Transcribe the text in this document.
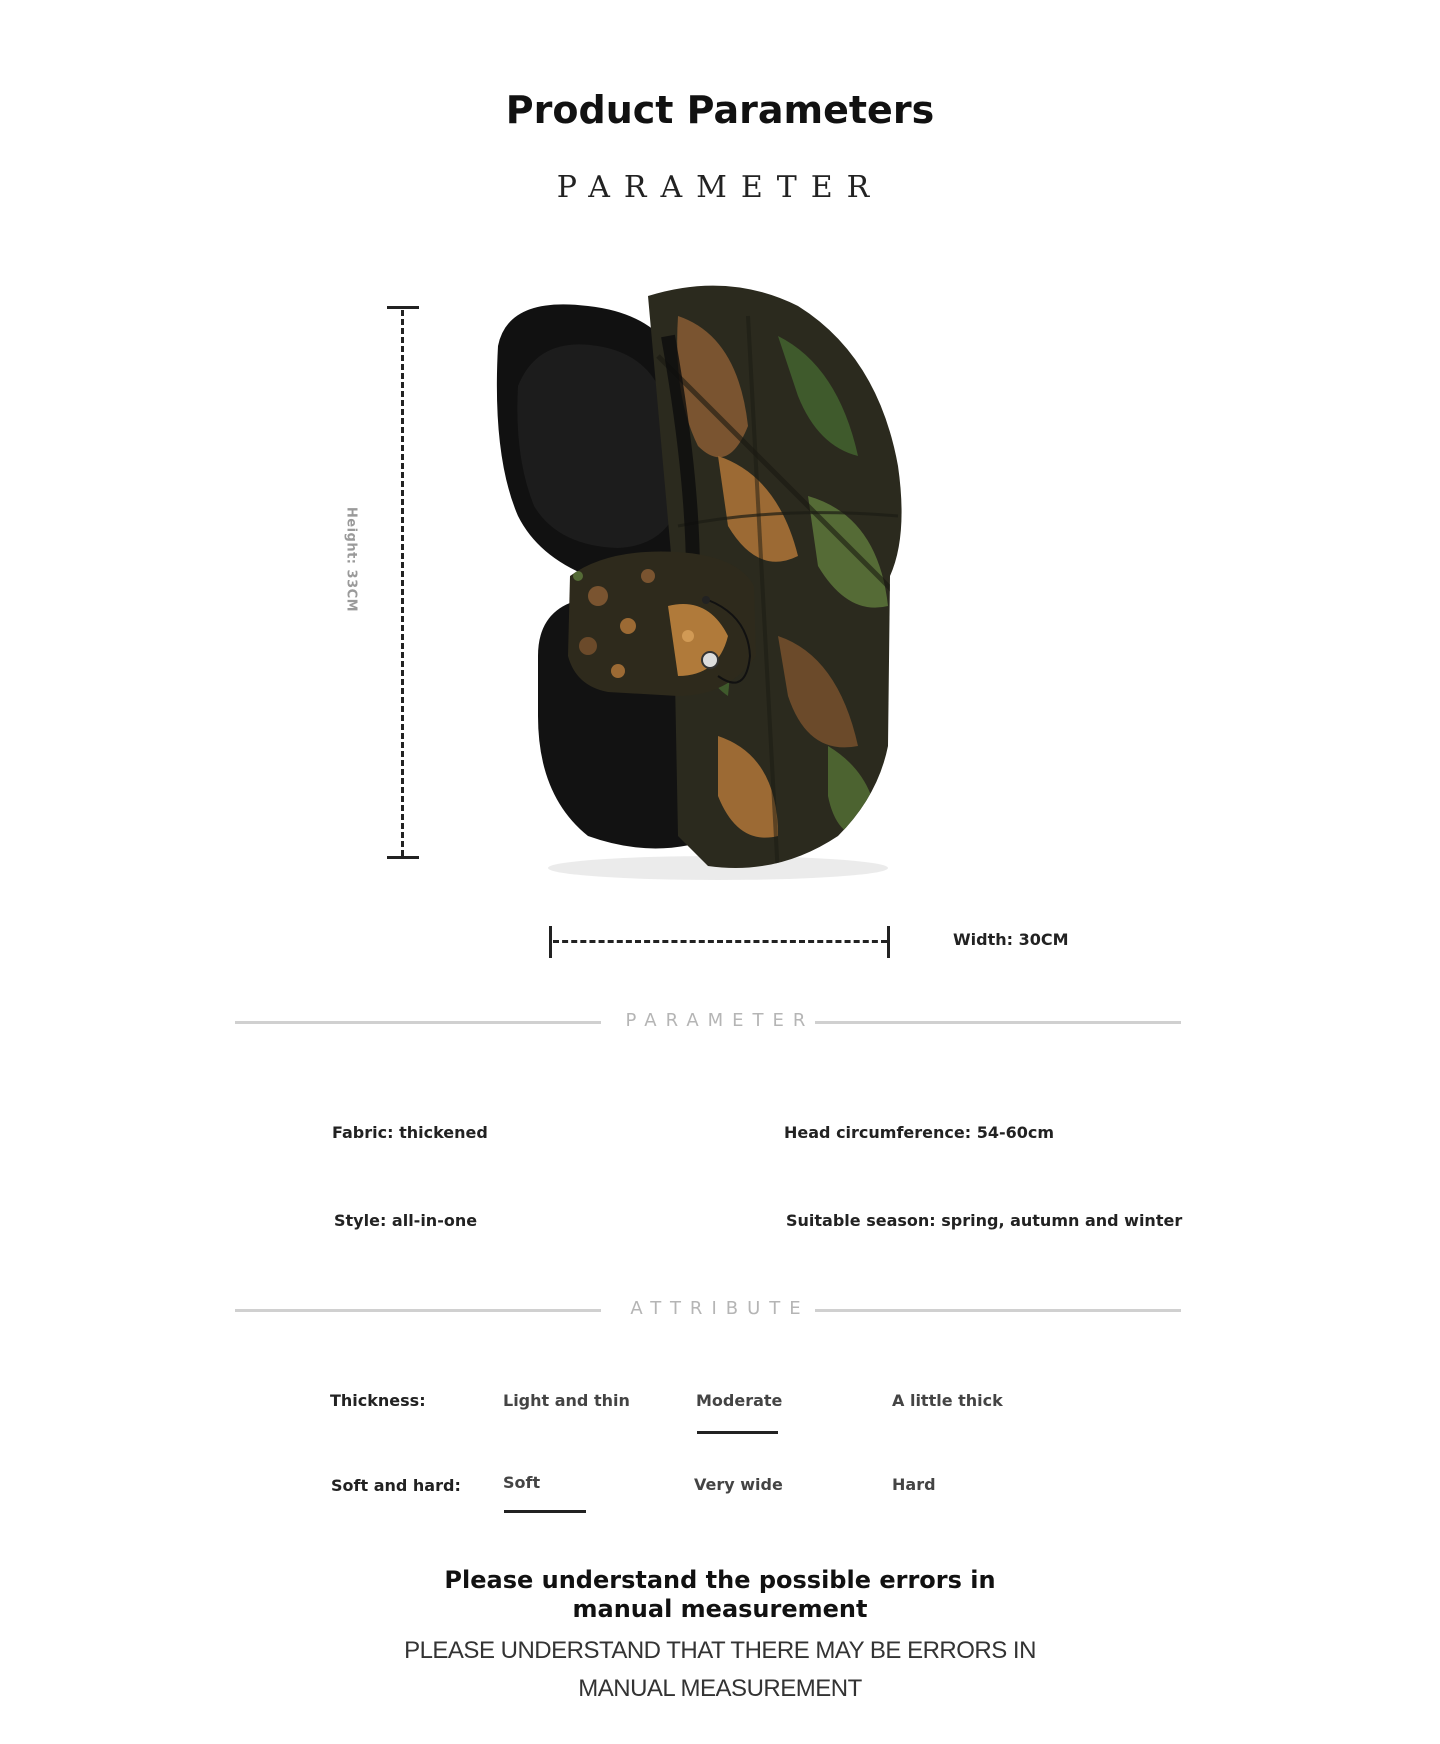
Product Parameters
PARAMETER
Height: 33CM
Width: 30CM
PARAMETER
Fabric: thickened	Head circumference: 54-60cm
Style: all-in-one	Suitable season: spring, autumn and winter
ATTRIBUTE
Thickness:	Light and thin	Moderate	A little thick
Soft and hard:	Soft	Very wide	Hard
Please understand the possible errors in
manual measurement
PLEASE UNDERSTAND THAT THERE MAY BE ERRORS IN MANUAL MEASUREMENT
